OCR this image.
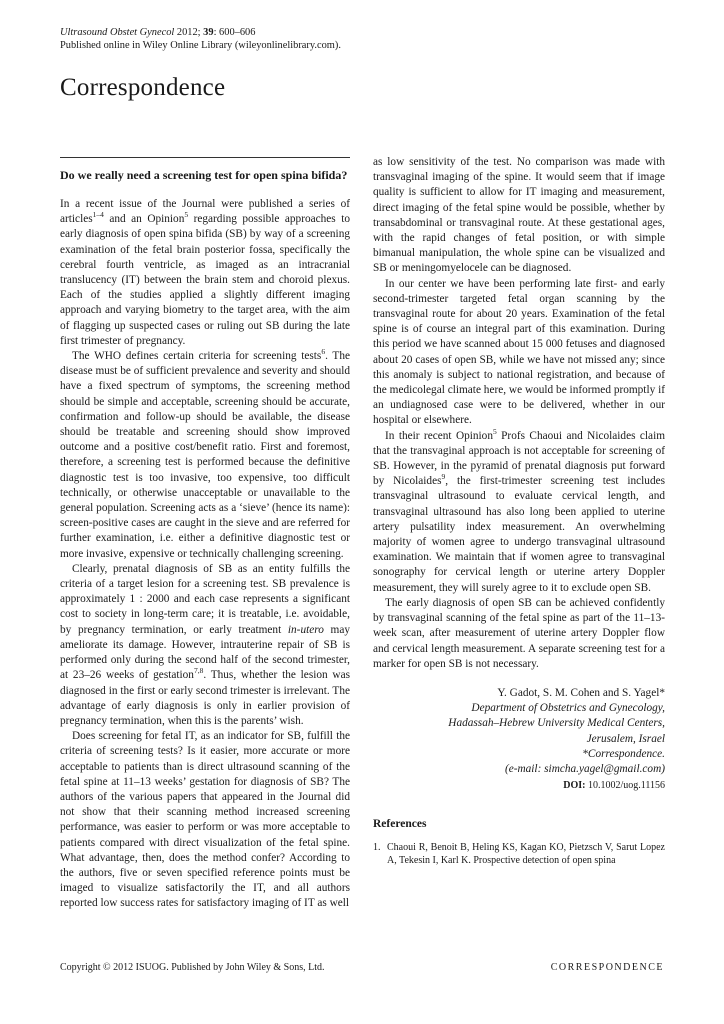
Ultrasound Obstet Gynecol 2012; 39: 600–606
Published online in Wiley Online Library (wileyonlinelibrary.com).
Correspondence
Do we really need a screening test for open spina bifida?

In a recent issue of the Journal were published a series of articles$^{1-4}$ and an Opinion$^5$ regarding possible approaches to early diagnosis of open spina bifida (SB) by way of a screening examination of the fetal brain posterior fossa, specifically the cerebral fourth ventricle, as imaged as an intracranial translucency (IT) between the brain stem and choroid plexus. Each of the studies applied a slightly different imaging approach and varying biometry to the target area, with the aim of flagging up suspected cases or ruling out SB during the late first trimester of pregnancy.

The WHO defines certain criteria for screening tests$^6$. The disease must be of sufficient prevalence and severity and should have a fixed spectrum of symptoms, the screening method should be simple and acceptable, screening should be accurate, confirmation and follow-up should be available, the disease should be treatable and screening should show improved outcome and a positive cost/benefit ratio. First and foremost, therefore, a screening test is performed because the definitive diagnostic test is too invasive, too expensive, too difficult technically, or otherwise unacceptable or unavailable to the general population. Screening acts as a ‘sieve’ (hence its name): screen-positive cases are caught in the sieve and are referred for further examination, i.e. either a definitive diagnostic test or more invasive, expensive or technically challenging screening.

Clearly, prenatal diagnosis of SB as an entity fulfills the criteria of a target lesion for a screening test. SB prevalence is approximately 1 : 2000 and each case represents a significant cost to society in long-term care; it is treatable, i.e. avoidable, by pregnancy termination, or early treatment in-utero may ameliorate its damage. However, intrauterine repair of SB is performed only during the second half of the second trimester, at 23–26 weeks of gestation$^{7,8}$. Thus, whether the lesion was diagnosed in the first or early second trimester is irrelevant. The advantage of early diagnosis is only in earlier provision of pregnancy termination, when this is the parents’ wish.

Does screening for fetal IT, as an indicator for SB, fulfill the criteria of screening tests? Is it easier, more accurate or more acceptable to patients than is direct ultrasound scanning of the fetal spine at 11–13 weeks’ gestation for diagnosis of SB? The authors of the various papers that appeared in the Journal did not show that their scanning method increased screening performance, was easier to perform or was more acceptable to patients compared with direct visualization of the fetal spine. What advantage, then, does the method confer? According to the authors, five or seven specified reference points must be imaged to visualize satisfactorily the IT, and all authors reported low success rates for satisfactory imaging of IT as well

as low sensitivity of the test. No comparison was made with transvaginal imaging of the spine. It would seem that if image quality is sufficient to allow for IT imaging and measurement, direct imaging of the fetal spine would be possible, whether by transabdominal or transvaginal route. At these gestational ages, with the rapid changes of fetal position, or with simple bimanual manipulation, the whole spine can be visualized and SB or meningomyelocele can be diagnosed.

In our center we have been performing late first- and early second-trimester targeted fetal organ scanning by the transvaginal route for about 20 years. Examination of the fetal spine is of course an integral part of this examination. During this period we have scanned about 15 000 fetuses and diagnosed about 20 cases of open SB, while we have not missed any; since this anomaly is subject to national registration, and because of the medicolegal climate here, we would be informed promptly if an undiagnosed case were to be delivered, whether in our hospital or elsewhere.

In their recent Opinion$^5$ Profs Chaoui and Nicolaides claim that the transvaginal approach is not acceptable for screening of SB. However, in the pyramid of prenatal diagnosis put forward by Nicolaides$^9$, the first-trimester screening test includes transvaginal ultrasound to evaluate cervical length, and transvaginal ultrasound has also long been applied to uterine artery pulsatility index measurement. An overwhelming majority of women agree to undergo transvaginal ultrasound examination. We maintain that if women agree to transvaginal sonography for cervical length or uterine artery Doppler measurement, they will surely agree to it to exclude open SB.

The early diagnosis of open SB can be achieved confidently by transvaginal scanning of the fetal spine as part of the 11–13-week scan, after measurement of uterine artery Doppler flow and cervical length measurement. A separate screening test for a marker for open SB is not necessary.

Y. Gadot, S. M. Cohen and S. Yagel*
Department of Obstetrics and Gynecology,
Hadassah–Hebrew University Medical Centers,
Jerusalem, Israel
*Correspondence.
(e-mail: simcha.yagel@gmail.com)
DOI: 10.1002/uog.11156
References
1. Chaoui R, Benoit B, Heling KS, Kagan KO, Pietzsch V, Sarut Lopez A, Tekesin I, Karl K. Prospective detection of open spina
Copyright © 2012 ISUOG. Published by John Wiley & Sons, Ltd.	CORRESPONDENCE
